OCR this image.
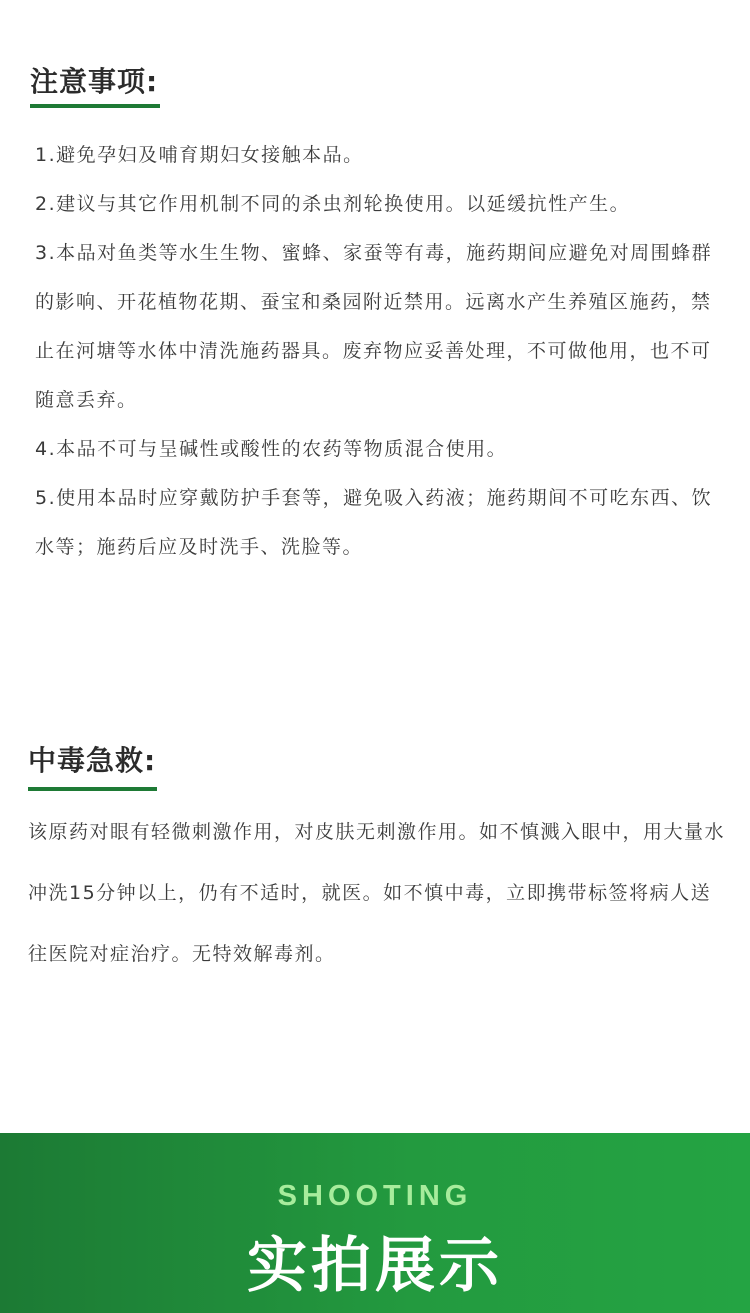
注意事项:

1.避免孕妇及哺育期妇女接触本品。

2.建议与其它作用机制不同的杀虫剂轮换使用。以延缓抗性产生。

3.本品对鱼类等水生生物、蜜蜂、家蚕等有毒，施药期间应避免对周围蜂群的影响、开花植物花期、蚕宝和桑园附近禁用。远离水产生养殖区施药，禁止在河塘等水体中清洗施药器具。废弃物应妥善处理，不可做他用，也不可随意丢弃。

4.本品不可与呈碱性或酸性的农药等物质混合使用。

5.使用本品时应穿戴防护手套等，避免吸入药液；施药期间不可吃东西、饮水等；施药后应及时洗手、洗脸等。

中毒急救:

该原药对眼有轻微刺激作用，对皮肤无刺激作用。如不慎溅入眼中，用大量水冲洗15分钟以上，仍有不适时，就医。如不慎中毒，立即携带标签将病人送往医院对症治疗。无特效解毒剂。

SHOOTING
实拍展示
